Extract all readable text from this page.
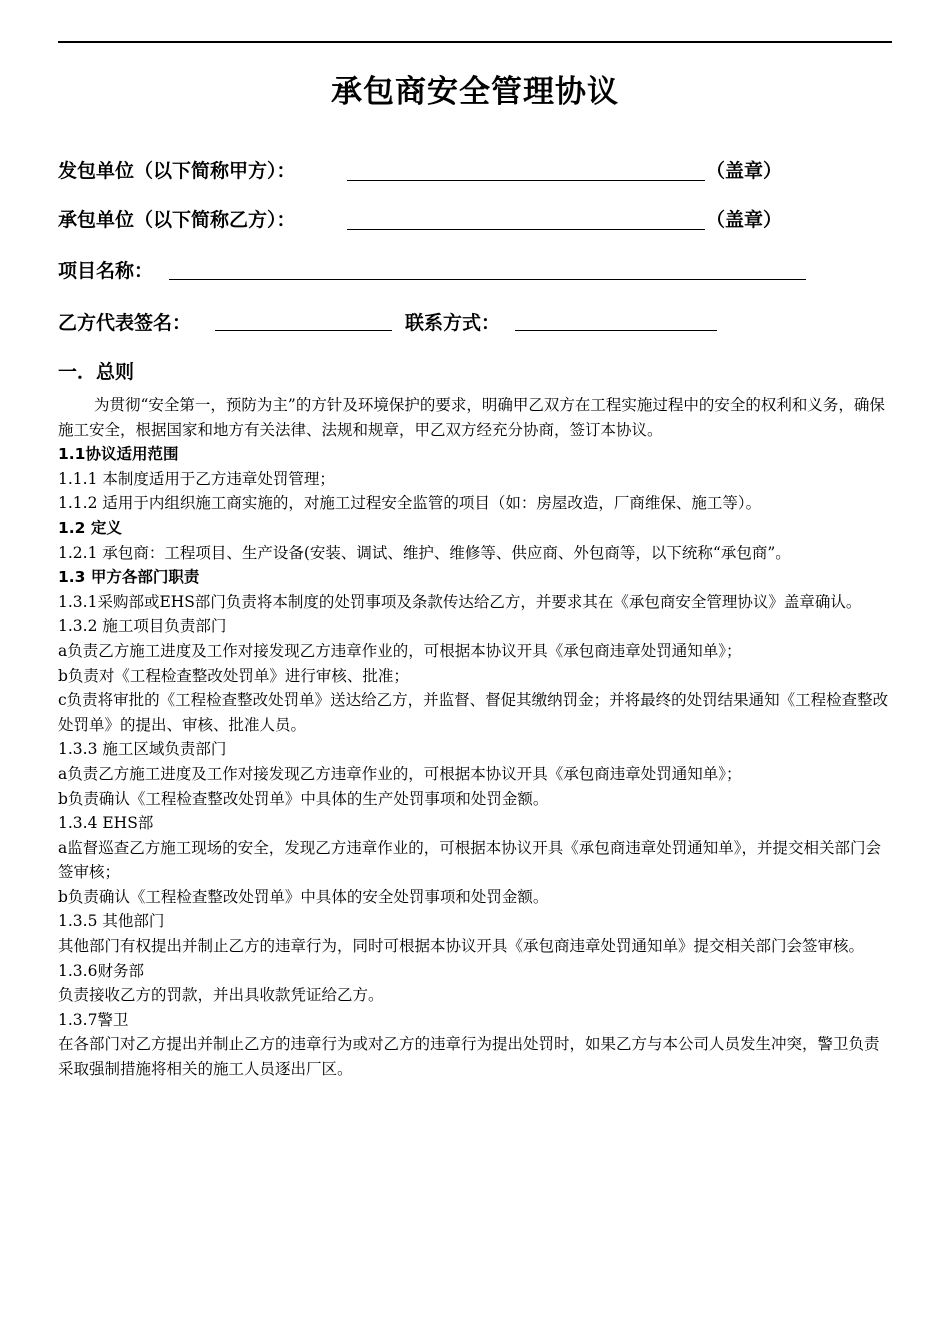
承包商安全管理协议
发包单位（以下简称甲方）：	（盖章）
承包单位（以下简称乙方）：	（盖章）
项目名称：
乙方代表签名：	联系方式：
一．总则

为贯彻“安全第一，预防为主”的方针及环境保护的要求，明确甲乙双方在工程实施过程中的安全的权利和义务，确保施工安全，根据国家和地方有关法律、法规和规章，甲乙双方经充分协商，签订本协议。

1.1协议适用范围

1.1.1 本制度适用于乙方违章处罚管理；

1.1.2 适用于内组织施工商实施的，对施工过程安全监管的项目（如：房屋改造，厂商维保、施工等）。

1.2 定义

1.2.1 承包商：工程项目、生产设备(安装、调试、维护、维修等、供应商、外包商等，以下统称“承包商”。

1.3 甲方各部门职责

1.3.1采购部或EHS部门负责将本制度的处罚事项及条款传达给乙方，并要求其在《承包商安全管理协议》盖章确认。

1.3.2 施工项目负责部门

a负责乙方施工进度及工作对接发现乙方违章作业的，可根据本协议开具《承包商违章处罚通知单》；

b负责对《工程检查整改处罚单》进行审核、批准；

c负责将审批的《工程检查整改处罚单》送达给乙方，并监督、督促其缴纳罚金；并将最终的处罚结果通知《工程检查整改处罚单》的提出、审核、批准人员。

1.3.3 施工区域负责部门

a负责乙方施工进度及工作对接发现乙方违章作业的，可根据本协议开具《承包商违章处罚通知单》；

b负责确认《工程检查整改处罚单》中具体的生产处罚事项和处罚金额。

1.3.4 EHS部

a监督巡查乙方施工现场的安全，发现乙方违章作业的，可根据本协议开具《承包商违章处罚通知单》，并提交相关部门会签审核；

b负责确认《工程检查整改处罚单》中具体的安全处罚事项和处罚金额。

1.3.5 其他部门

其他部门有权提出并制止乙方的违章行为，同时可根据本协议开具《承包商违章处罚通知单》提交相关部门会签审核。

1.3.6财务部

负责接收乙方的罚款，并出具收款凭证给乙方。

1.3.7警卫

在各部门对乙方提出并制止乙方的违章行为或对乙方的违章行为提出处罚时，如果乙方与本公司人员发生冲突，警卫负责采取强制措施将相关的施工人员逐出厂区。
